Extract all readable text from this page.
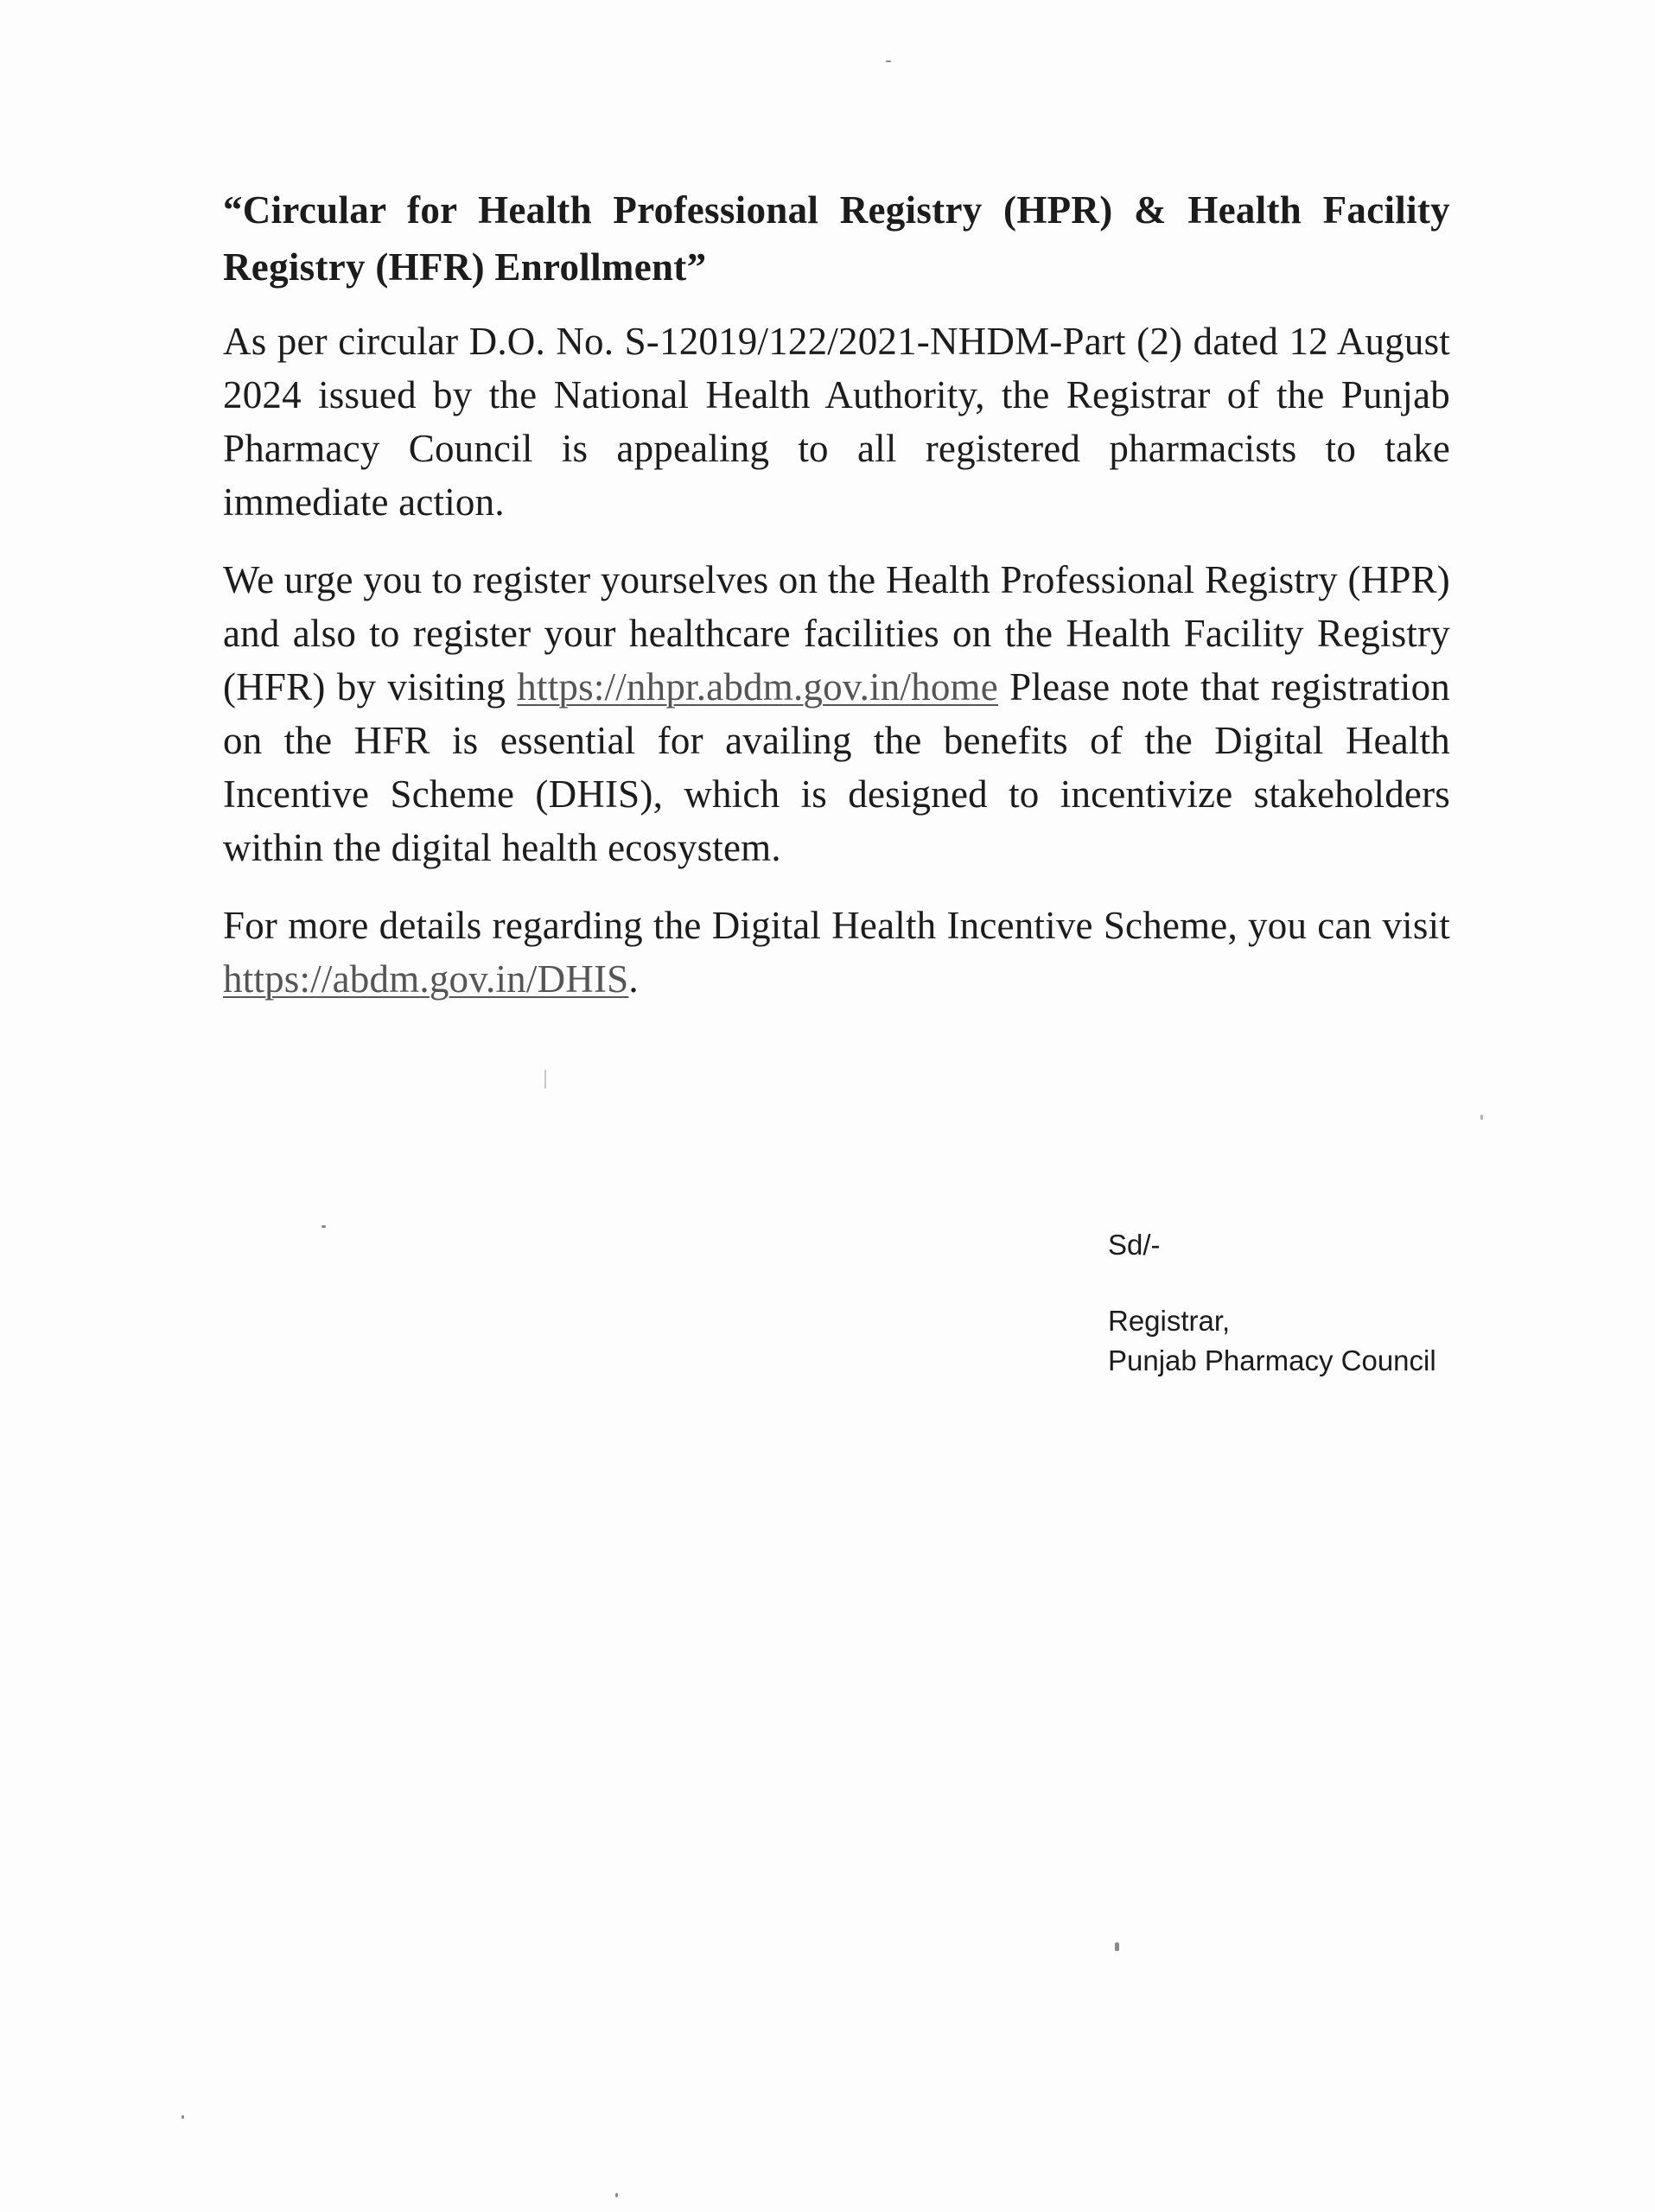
“Circular for Health Professional Registry (HPR) & Health Facility Registry (HFR) Enrollment”

As per circular D.O. No. S-12019/122/2021-NHDM-Part (2) dated 12 August 2024 issued by the National Health Authority, the Registrar of the Punjab Pharmacy Council is appealing to all registered pharmacists to take immediate action.

We urge you to register yourselves on the Health Professional Registry (HPR) and also to register your healthcare facilities on the Health Facility Registry (HFR) by visiting https://nhpr.abdm.gov.in/home Please note that registration on the HFR is essential for availing the benefits of the Digital Health Incentive Scheme (DHIS), which is designed to incentivize stakeholders within the digital health ecosystem.

For more details regarding the Digital Health Incentive Scheme, you can visit https://abdm.gov.in/DHIS.

Sd/-

Registrar,

Punjab Pharmacy Council
